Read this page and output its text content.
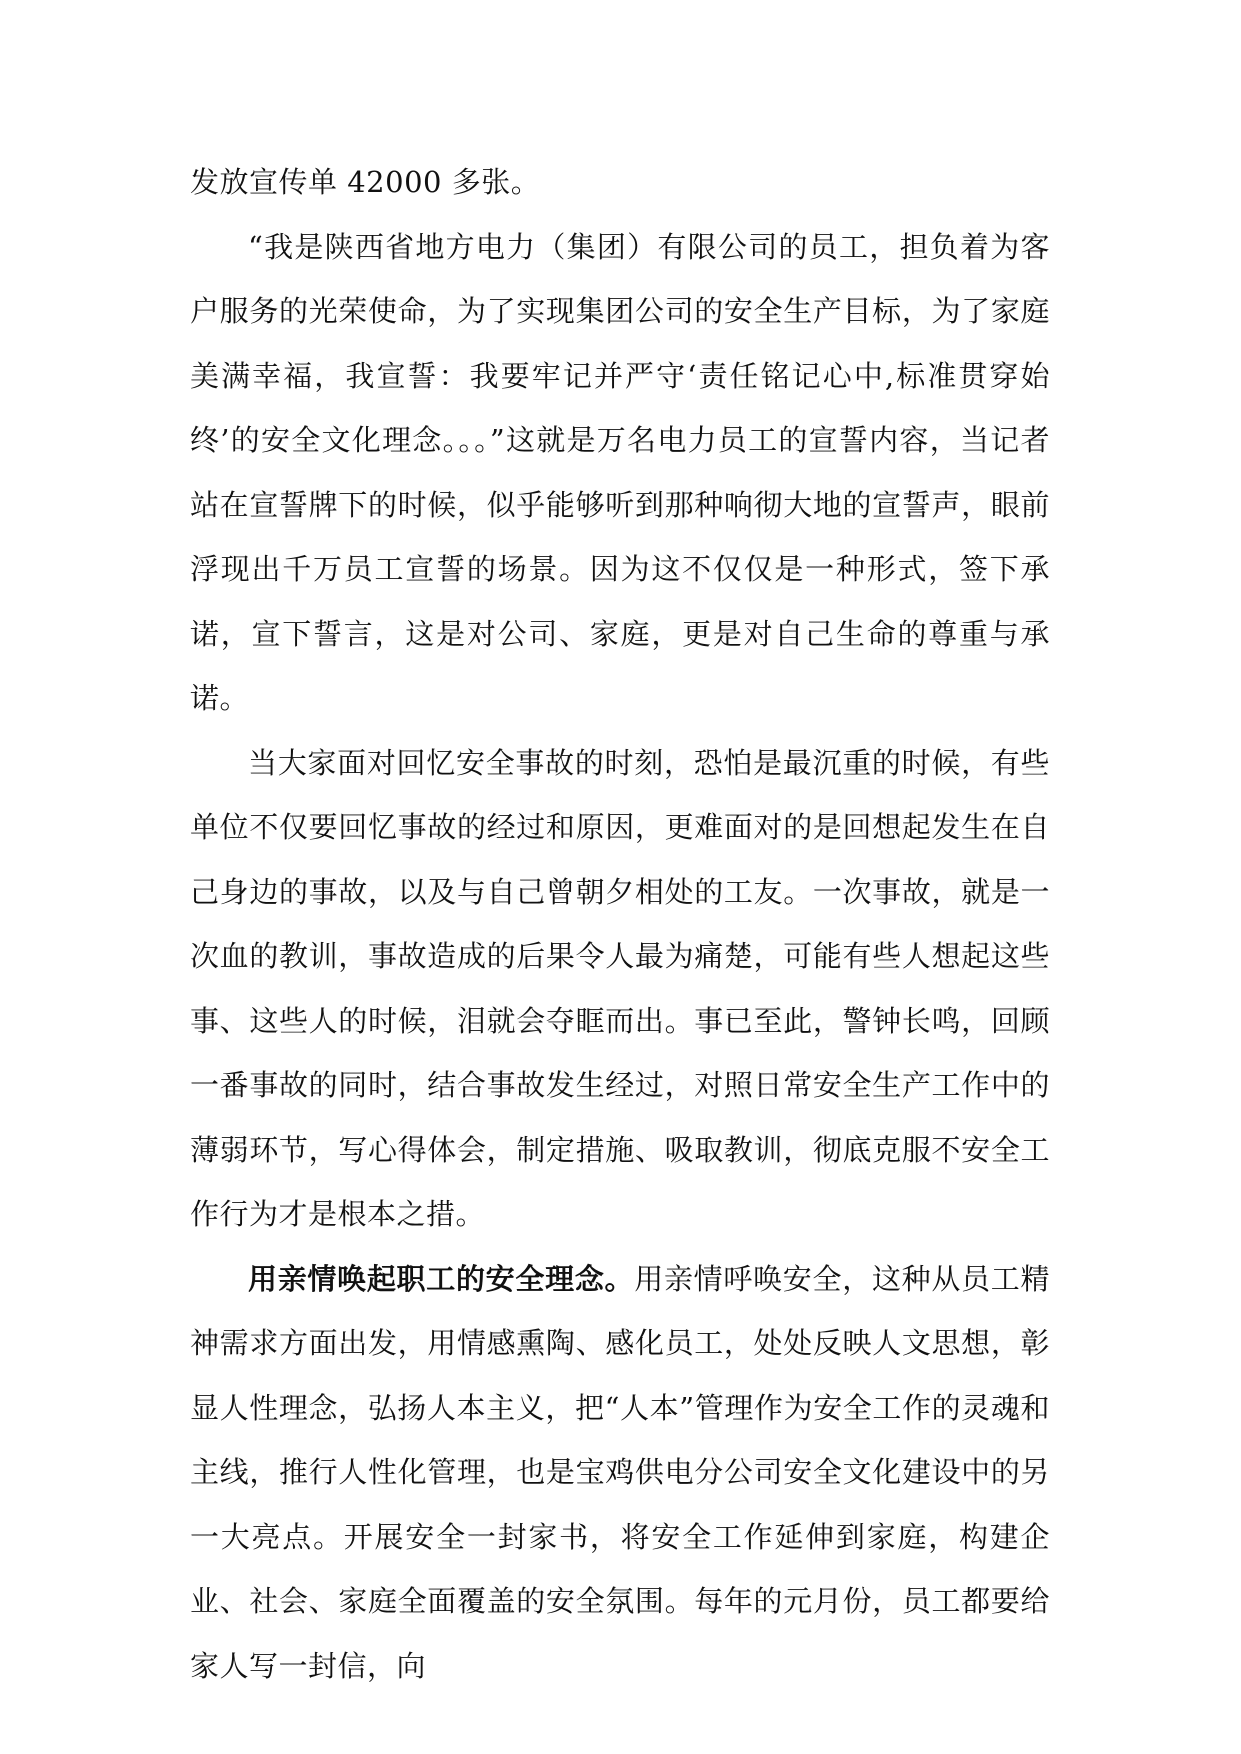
发放宣传单 42000 多张。

“我是陕西省地方电力（集团）有限公司的员工，担负着为客户服务的光荣使命，为了实现集团公司的安全生产目标，为了家庭美满幸福，我宣誓：我要牢记并严守‘责任铭记心中,标准贯穿始终’的安全文化理念。。。”这就是万名电力员工的宣誓内容，当记者站在宣誓牌下的时候，似乎能够听到那种响彻大地的宣誓声，眼前浮现出千万员工宣誓的场景。因为这不仅仅是一种形式，签下承诺，宣下誓言，这是对公司、家庭，更是对自己生命的尊重与承诺。

当大家面对回忆安全事故的时刻，恐怕是最沉重的时候，有些单位不仅要回忆事故的经过和原因，更难面对的是回想起发生在自己身边的事故，以及与自己曾朝夕相处的工友。一次事故，就是一次血的教训，事故造成的后果令人最为痛楚，可能有些人想起这些事、这些人的时候，泪就会夺眶而出。事已至此，警钟长鸣，回顾一番事故的同时，结合事故发生经过，对照日常安全生产工作中的薄弱环节，写心得体会，制定措施、吸取教训，彻底克服不安全工作行为才是根本之措。

用亲情唤起职工的安全理念。用亲情呼唤安全，这种从员工精神需求方面出发，用情感熏陶、感化员工，处处反映人文思想，彰显人性理念，弘扬人本主义，把“人本”管理作为安全工作的灵魂和主线，推行人性化管理，也是宝鸡供电分公司安全文化建设中的另一大亮点。开展安全一封家书，将安全工作延伸到家庭，构建企业、社会、家庭全面覆盖的安全氛围。每年的元月份，员工都要给家人写一封信，向
